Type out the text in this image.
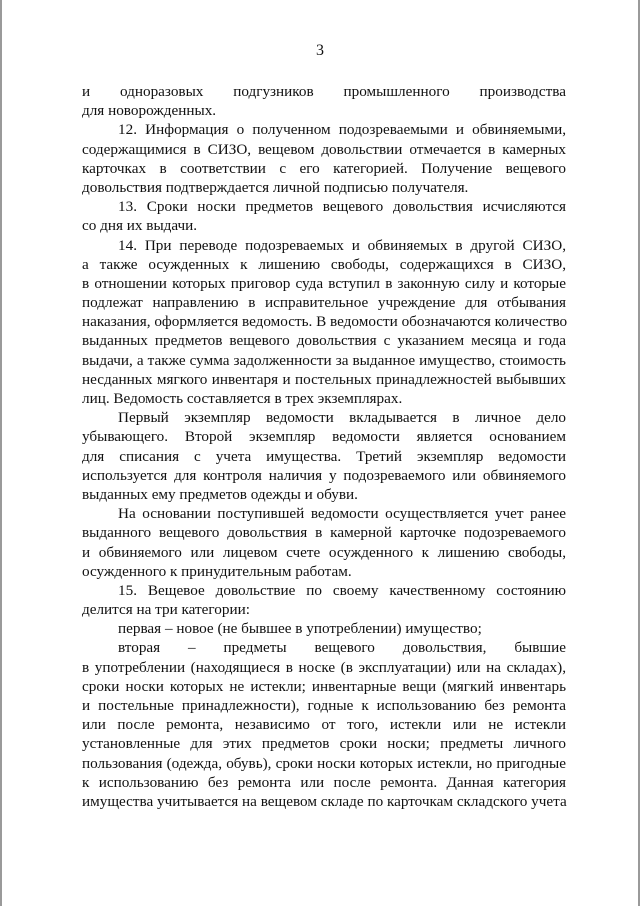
3
и одноразовых подгузников промышленного производства
для новорожденных.
12. Информация о полученном подозреваемыми и обвиняемыми,
содержащимися в СИЗО, вещевом довольствии отмечается в камерных
карточках в соответствии с его категорией. Получение вещевого
довольствия подтверждается личной подписью получателя.
13. Сроки носки предметов вещевого довольствия исчисляются
со дня их выдачи.
14. При переводе подозреваемых и обвиняемых в другой СИЗО,
а также осужденных к лишению свободы, содержащихся в СИЗО,
в отношении которых приговор суда вступил в законную силу и которые
подлежат направлению в исправительное учреждение для отбывания
наказания, оформляется ведомость. В ведомости обозначаются количество
выданных предметов вещевого довольствия с указанием месяца и года
выдачи, а также сумма задолженности за выданное имущество, стоимость
несданных мягкого инвентаря и постельных принадлежностей выбывших
лиц. Ведомость составляется в трех экземплярах.
Первый экземпляр ведомости вкладывается в личное дело
убывающего. Второй экземпляр ведомости является основанием
для списания с учета имущества. Третий экземпляр ведомости
используется для контроля наличия у подозреваемого или обвиняемого
выданных ему предметов одежды и обуви.
На основании поступившей ведомости осуществляется учет ранее
выданного вещевого довольствия в камерной карточке подозреваемого
и обвиняемого или лицевом счете осужденного к лишению свободы,
осужденного к принудительным работам.
15. Вещевое довольствие по своему качественному состоянию
делится на три категории:
первая – новое (не бывшее в употреблении) имущество;
вторая – предметы вещевого довольствия, бывшие
в употреблении (находящиеся в носке (в эксплуатации) или на складах),
сроки носки которых не истекли; инвентарные вещи (мягкий инвентарь
и постельные принадлежности), годные к использованию без ремонта
или после ремонта, независимо от того, истекли или не истекли
установленные для этих предметов сроки носки; предметы личного
пользования (одежда, обувь), сроки носки которых истекли, но пригодные
к использованию без ремонта или после ремонта. Данная категория
имущества учитывается на вещевом складе по карточкам складского учета
